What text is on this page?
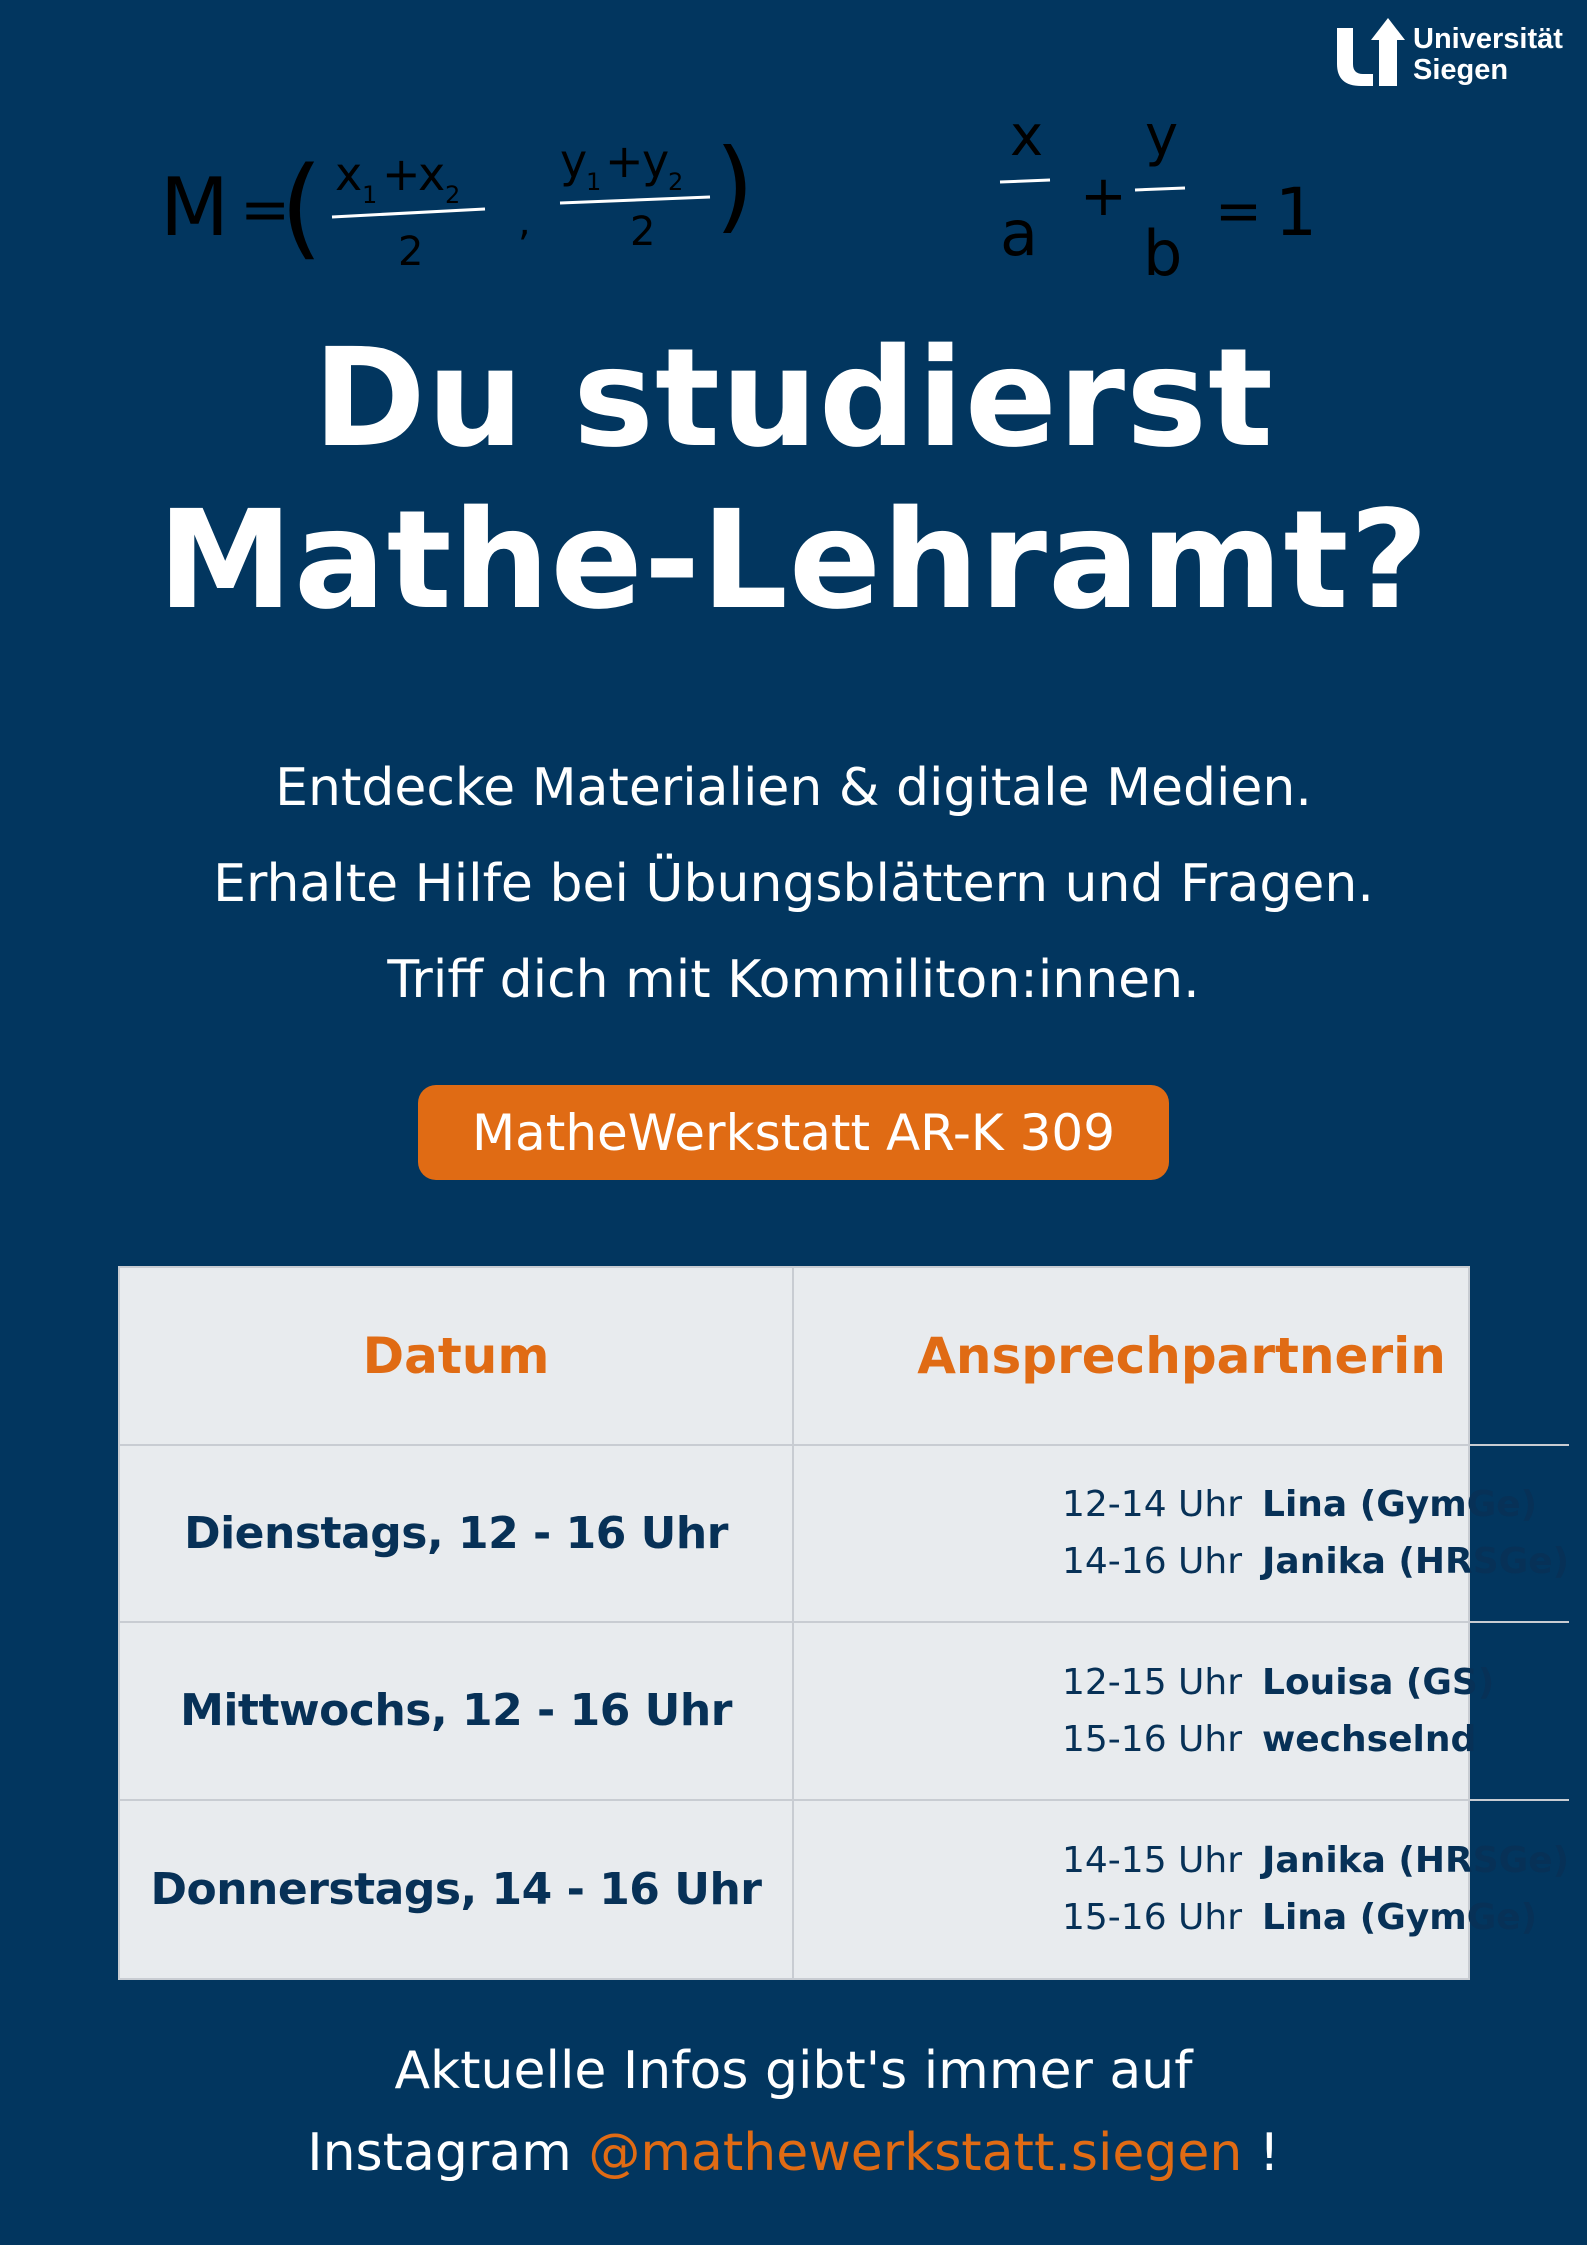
Universität
Siegen
M =
( x 1 +
x 2
2
,
y
1 +
y
2
2 )	x
a
+
y
b
= 1
Du studierst
Mathe-Lehramt?
Entdecke Materialien & digitale Medien.
Erhalte Hilfe bei Übungsblättern und Fragen.
Triff dich mit Kommiliton:innen.
MatheWerkstatt AR-K 309
Datum	Ansprechpartnerin
Dienstags, 12 - 16 Uhr
12-14 Uhr Lina (GymGe)
14-16 Uhr Janika (HRSGe)
Mittwochs, 12 - 16 Uhr
12-15 Uhr Louisa (GS)
15-16 Uhr wechselnd
Donnerstags, 14 - 16 Uhr
14-15 Uhr Janika (HRSGe)
15-16 Uhr Lina (GymGe)
Aktuelle Infos gibt's immer auf
Instagram @mathewerkstatt.siegen !
